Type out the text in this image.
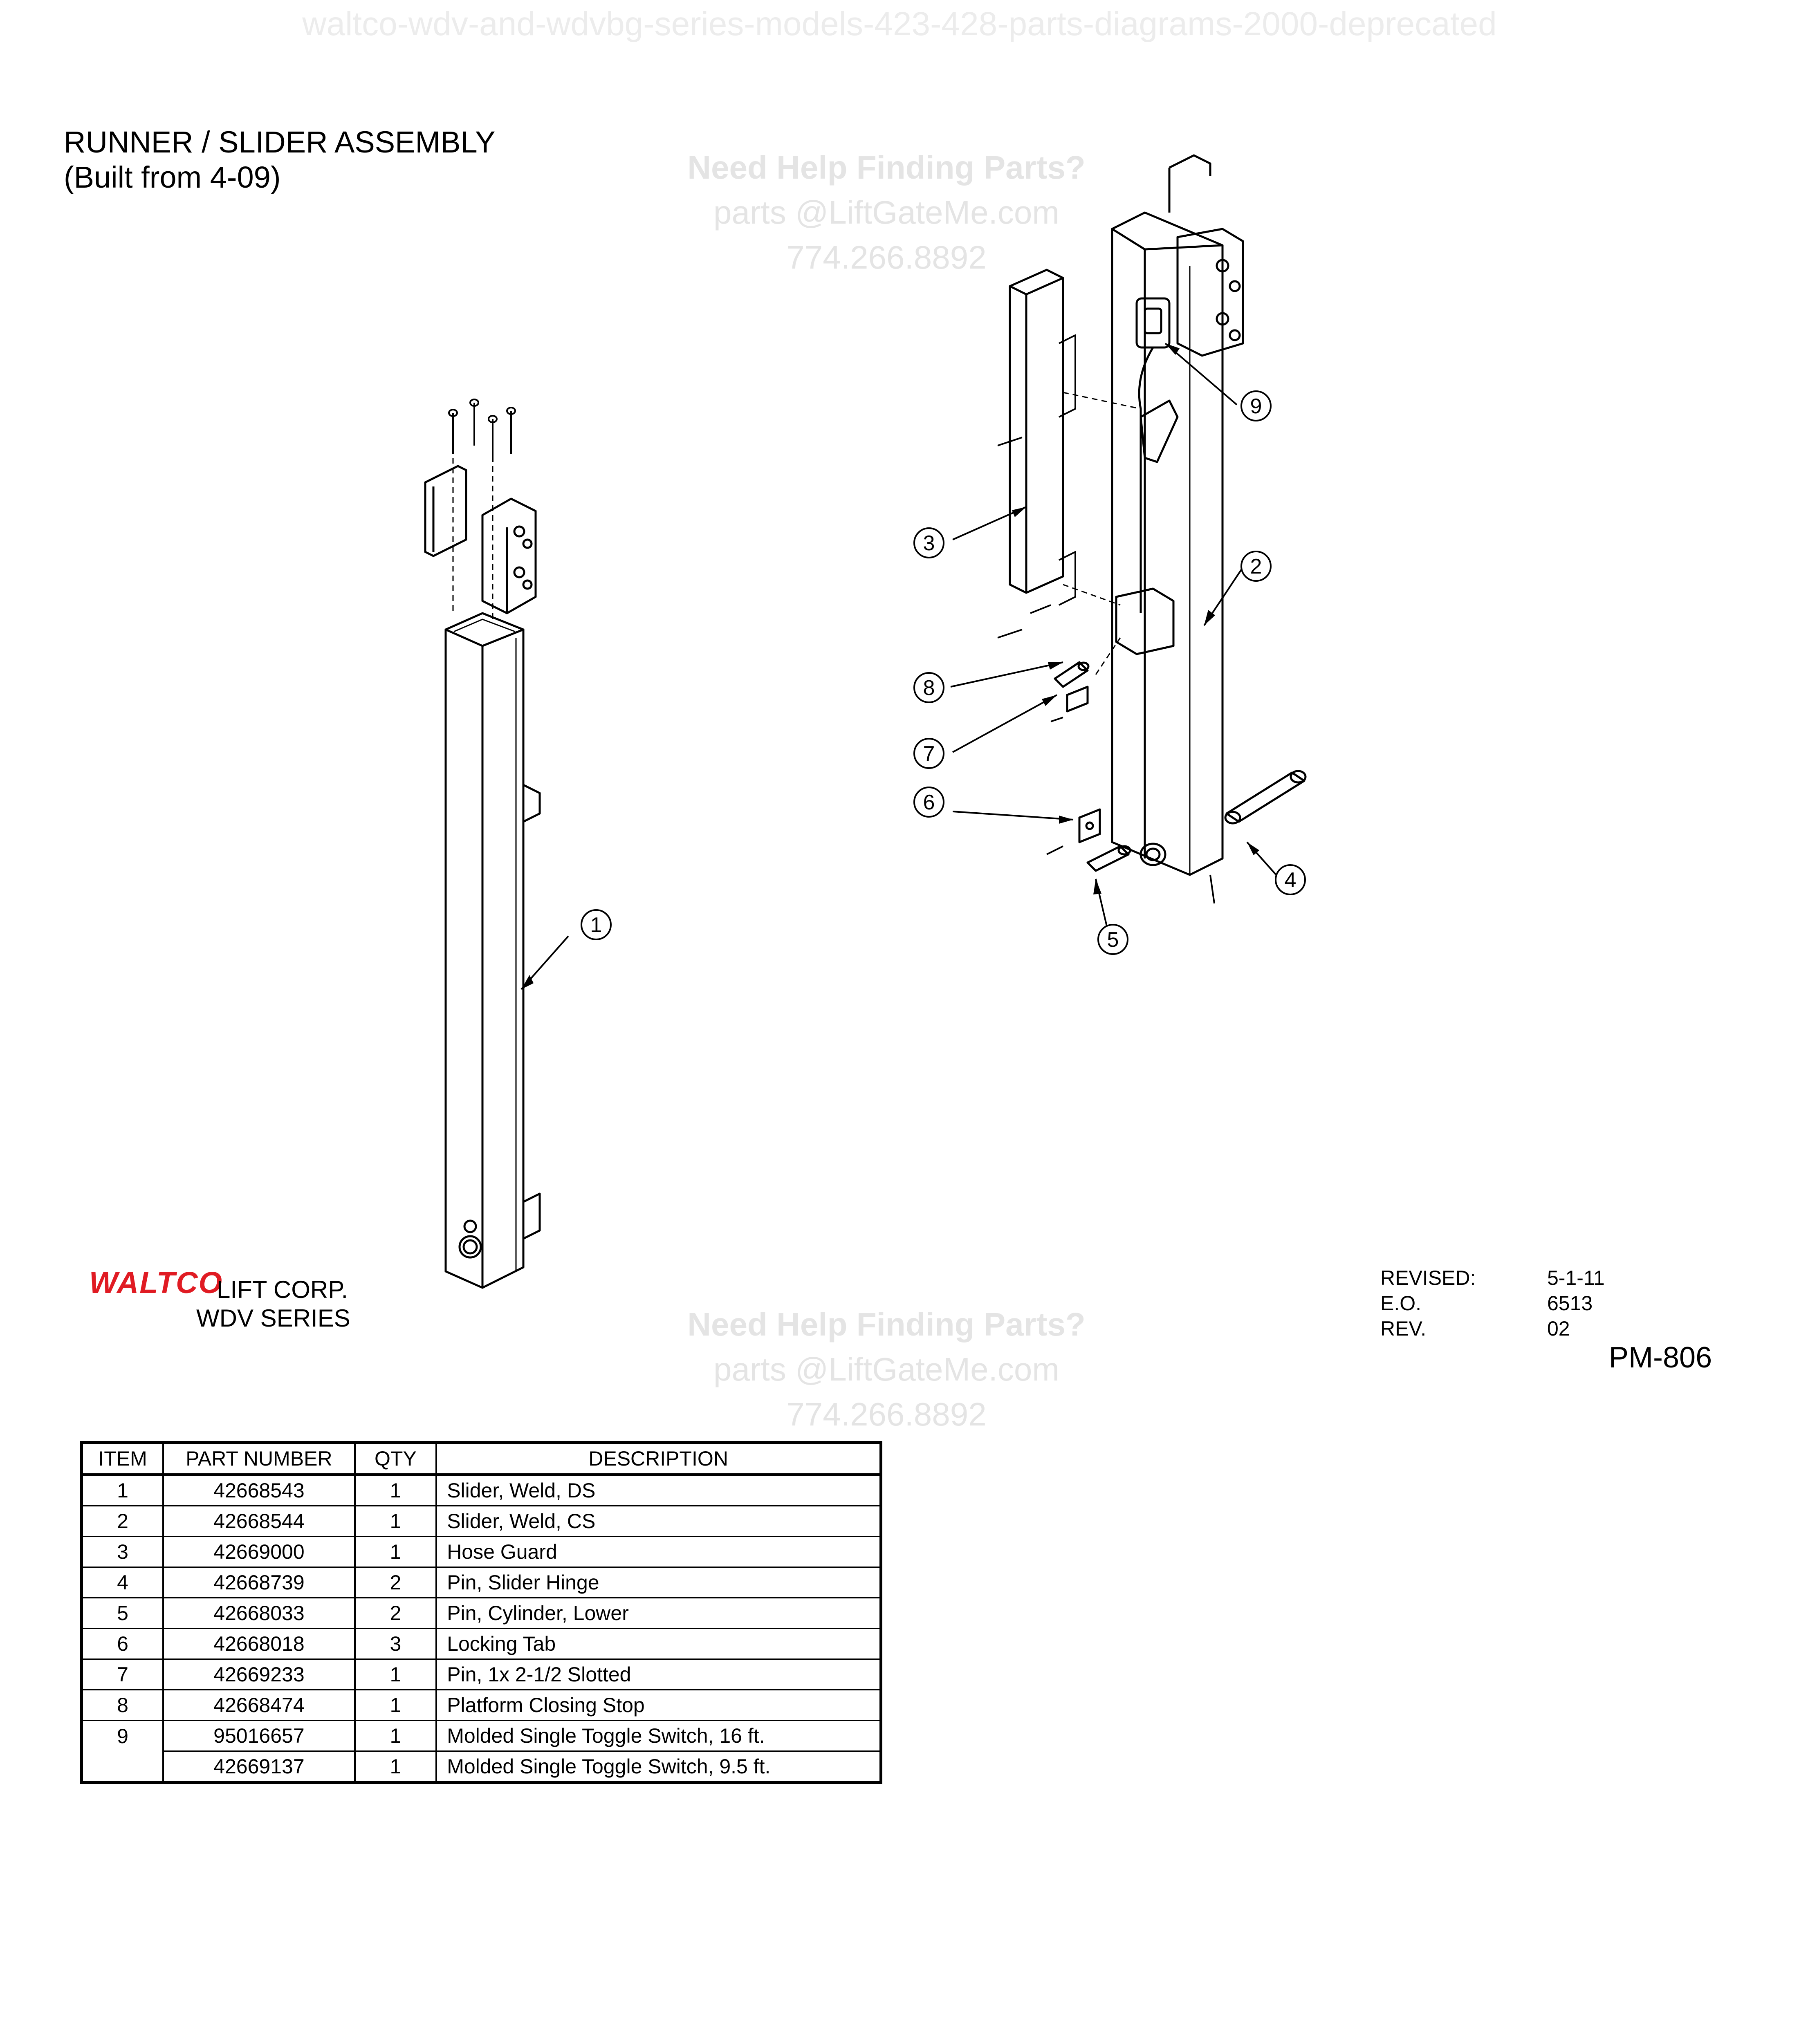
waltco-wdv-and-wdvbg-series-models-423-428-parts-diagrams-2000-deprecated
RUNNER / SLIDER ASSEMBLY
(Built from 4-09)	Need Help Finding Parts?
parts @LiftGateMe.com
774.266.8892
1
2
3
4
5
6
7
8
9
Need Help Finding Parts?
parts @LiftGateMe.com
774.266.8892
WALTCO
LIFT CORP.
WDV SERIES
REVISED:	5-1-11
E.O.	6513
REV.	02
PM-806
ITEM	PART NUMBER	QTY	DESCRIPTION
1	42668543	1	Slider, Weld, DS
2	42668544	1	Slider, Weld, CS
3	42669000	1	Hose Guard
4	42668739	2	Pin, Slider Hinge
5	42668033	2	Pin, Cylinder, Lower
6	42668018	3	Locking Tab
7	42669233	1	Pin, 1x 2-1/2 Slotted
8	42668474	1	Platform Closing Stop
9	95016657	1	Molded Single Toggle Switch, 16 ft.
	42669137	1	Molded Single Toggle Switch, 9.5 ft.
